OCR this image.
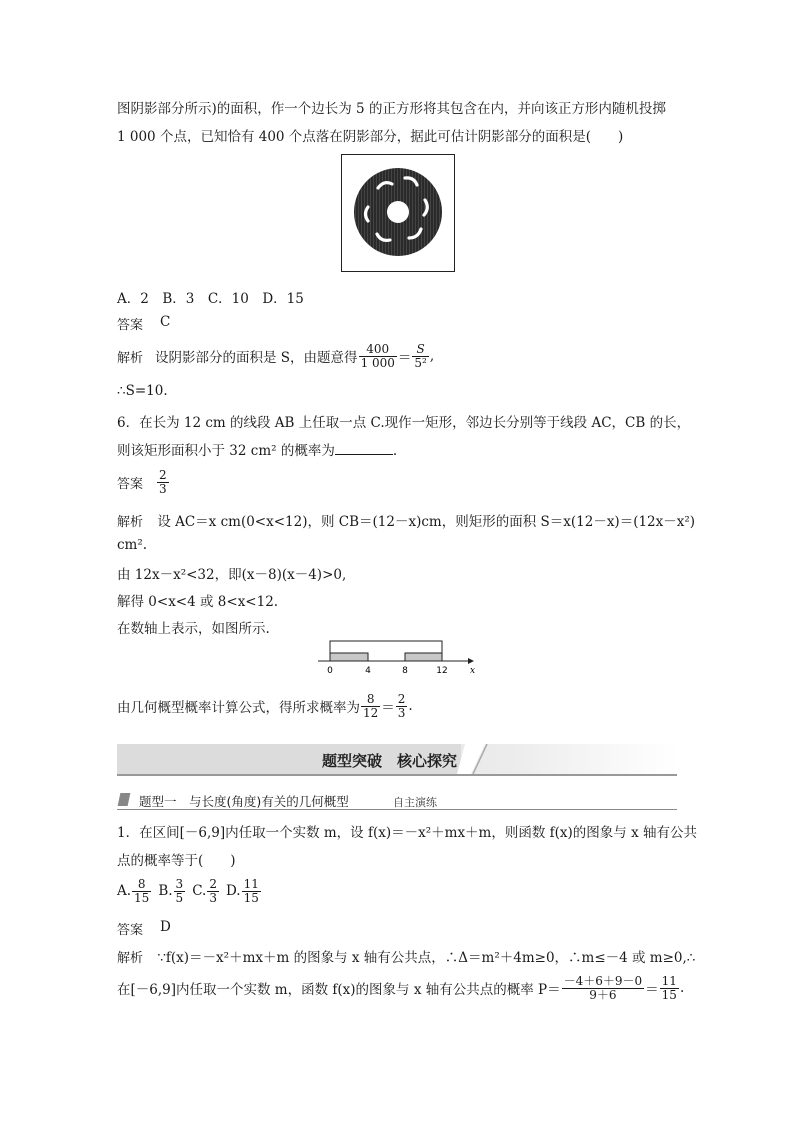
图阴影部分所示)的面积，作一个边长为 5 的正方形将其包含在内，并向该正方形内随机投掷
1 000 个点，已知恰有 400 个点落在阴影部分，据此可估计阴影部分的面积是(　　)
A．2　B．3　C．10　D．15
答案 C
解析 设阴影部分的面积是 S，由题意得 $\frac{400}{1 000} = \frac{S}{\text{5²}}$ ,
∴S=10.
6．在长为 12 cm 的线段 AB 上任取一点 C.现作一矩形，邻边长分别等于线段 AC，CB 的长，
则该矩形面积小于 32 cm² 的概率为	.
答案 $\frac{2}{3}$
解析 设 AC＝x cm(0<x<12)，则 CB＝(12－x)cm，则矩形的面积 S＝x(12－x)＝(12x－x²)
cm².
由 12x－x²<32，即(x－8)(x－4)>0,
解得 0<x<4 或 8<x<12.
在数轴上表示，如图所示.
0	4	8	12 x
由几何概型概率计算公式，得所求概率为 $\frac{8}{12} = \frac{2}{3}$ .
题型突破　核心探究
题型一　与长度(角度)有关的几何概型	自主演练
1．在区间[－6,9]内任取一个实数 m，设 f(x)＝－x²＋mx＋m，则函数 f(x)的图象与 x 轴有公共
点的概率等于(　　)
A. $\frac{8}{15} B$. $\frac{3}{5} C$. $\frac{2}{3} D$. $\frac{11}{15}$
答案 D
解析 ∵f(x)＝－x²＋mx＋m 的图象与 x 轴有公共点，∴Δ＝m²＋4m≥0，∴m≤－4 或 m≥0,∴
在[－6,9]内任取一个实数 m，函数 f(x)的图象与 x 轴有公共点的概率 $P= \frac{-4+6+9-0}{9+6} = \frac{11}{15}$ .
